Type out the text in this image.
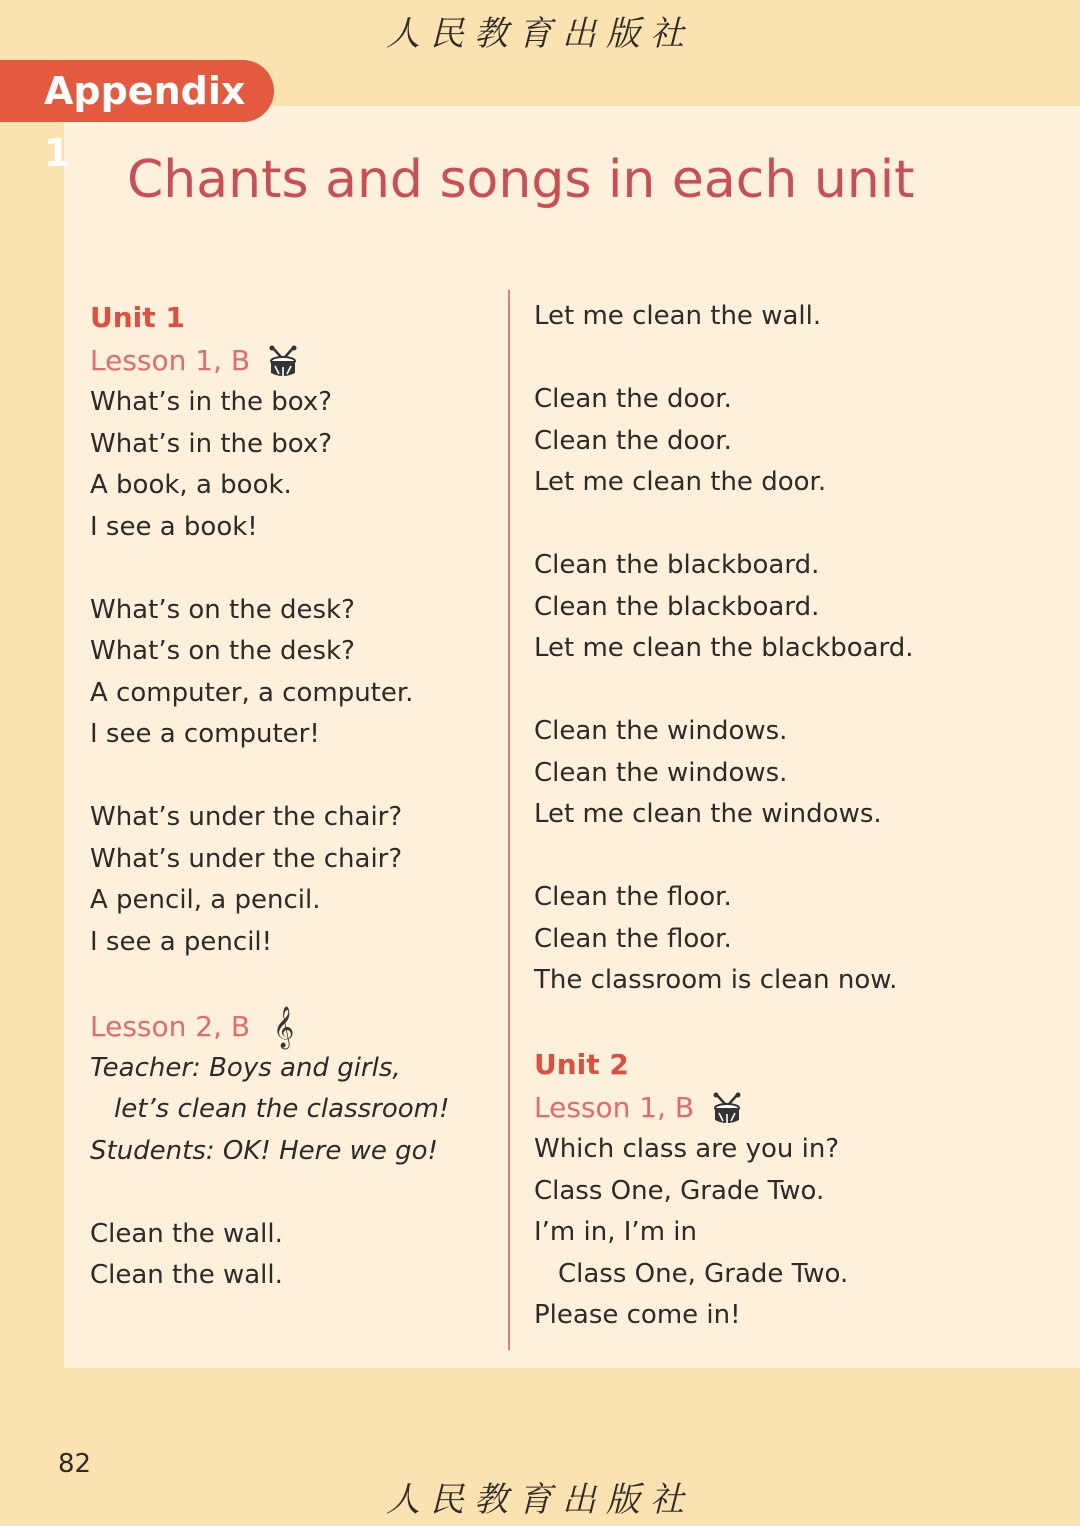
人民教育出版社
Appendix 1	Chants and songs in each unit
Unit 1
Lesson 1, B
What’s in the box?
What’s in the box?
A book, a book.
I see a book!
What’s on the desk?
What’s on the desk?
A computer, a computer.
I see a computer!
What’s under the chair?
What’s under the chair?
A pencil, a pencil.
I see a pencil!
Lesson 2, B 𝄞
Teacher: Boys and girls,
let’s clean the classroom!
Students: OK! Here we go!
Clean the wall.
Clean the wall.
Let me clean the wall.
Clean the door.
Clean the door.
Let me clean the door.
Clean the blackboard.
Clean the blackboard.
Let me clean the blackboard.
Clean the windows.
Clean the windows.
Let me clean the windows.
Clean the floor.
Clean the floor.
The classroom is clean now.
Unit 2
Lesson 1, B
Which class are you in?
Class One, Grade Two.
I’m in, I’m in
Class One, Grade Two.
Please come in!
82
人民教育出版社
